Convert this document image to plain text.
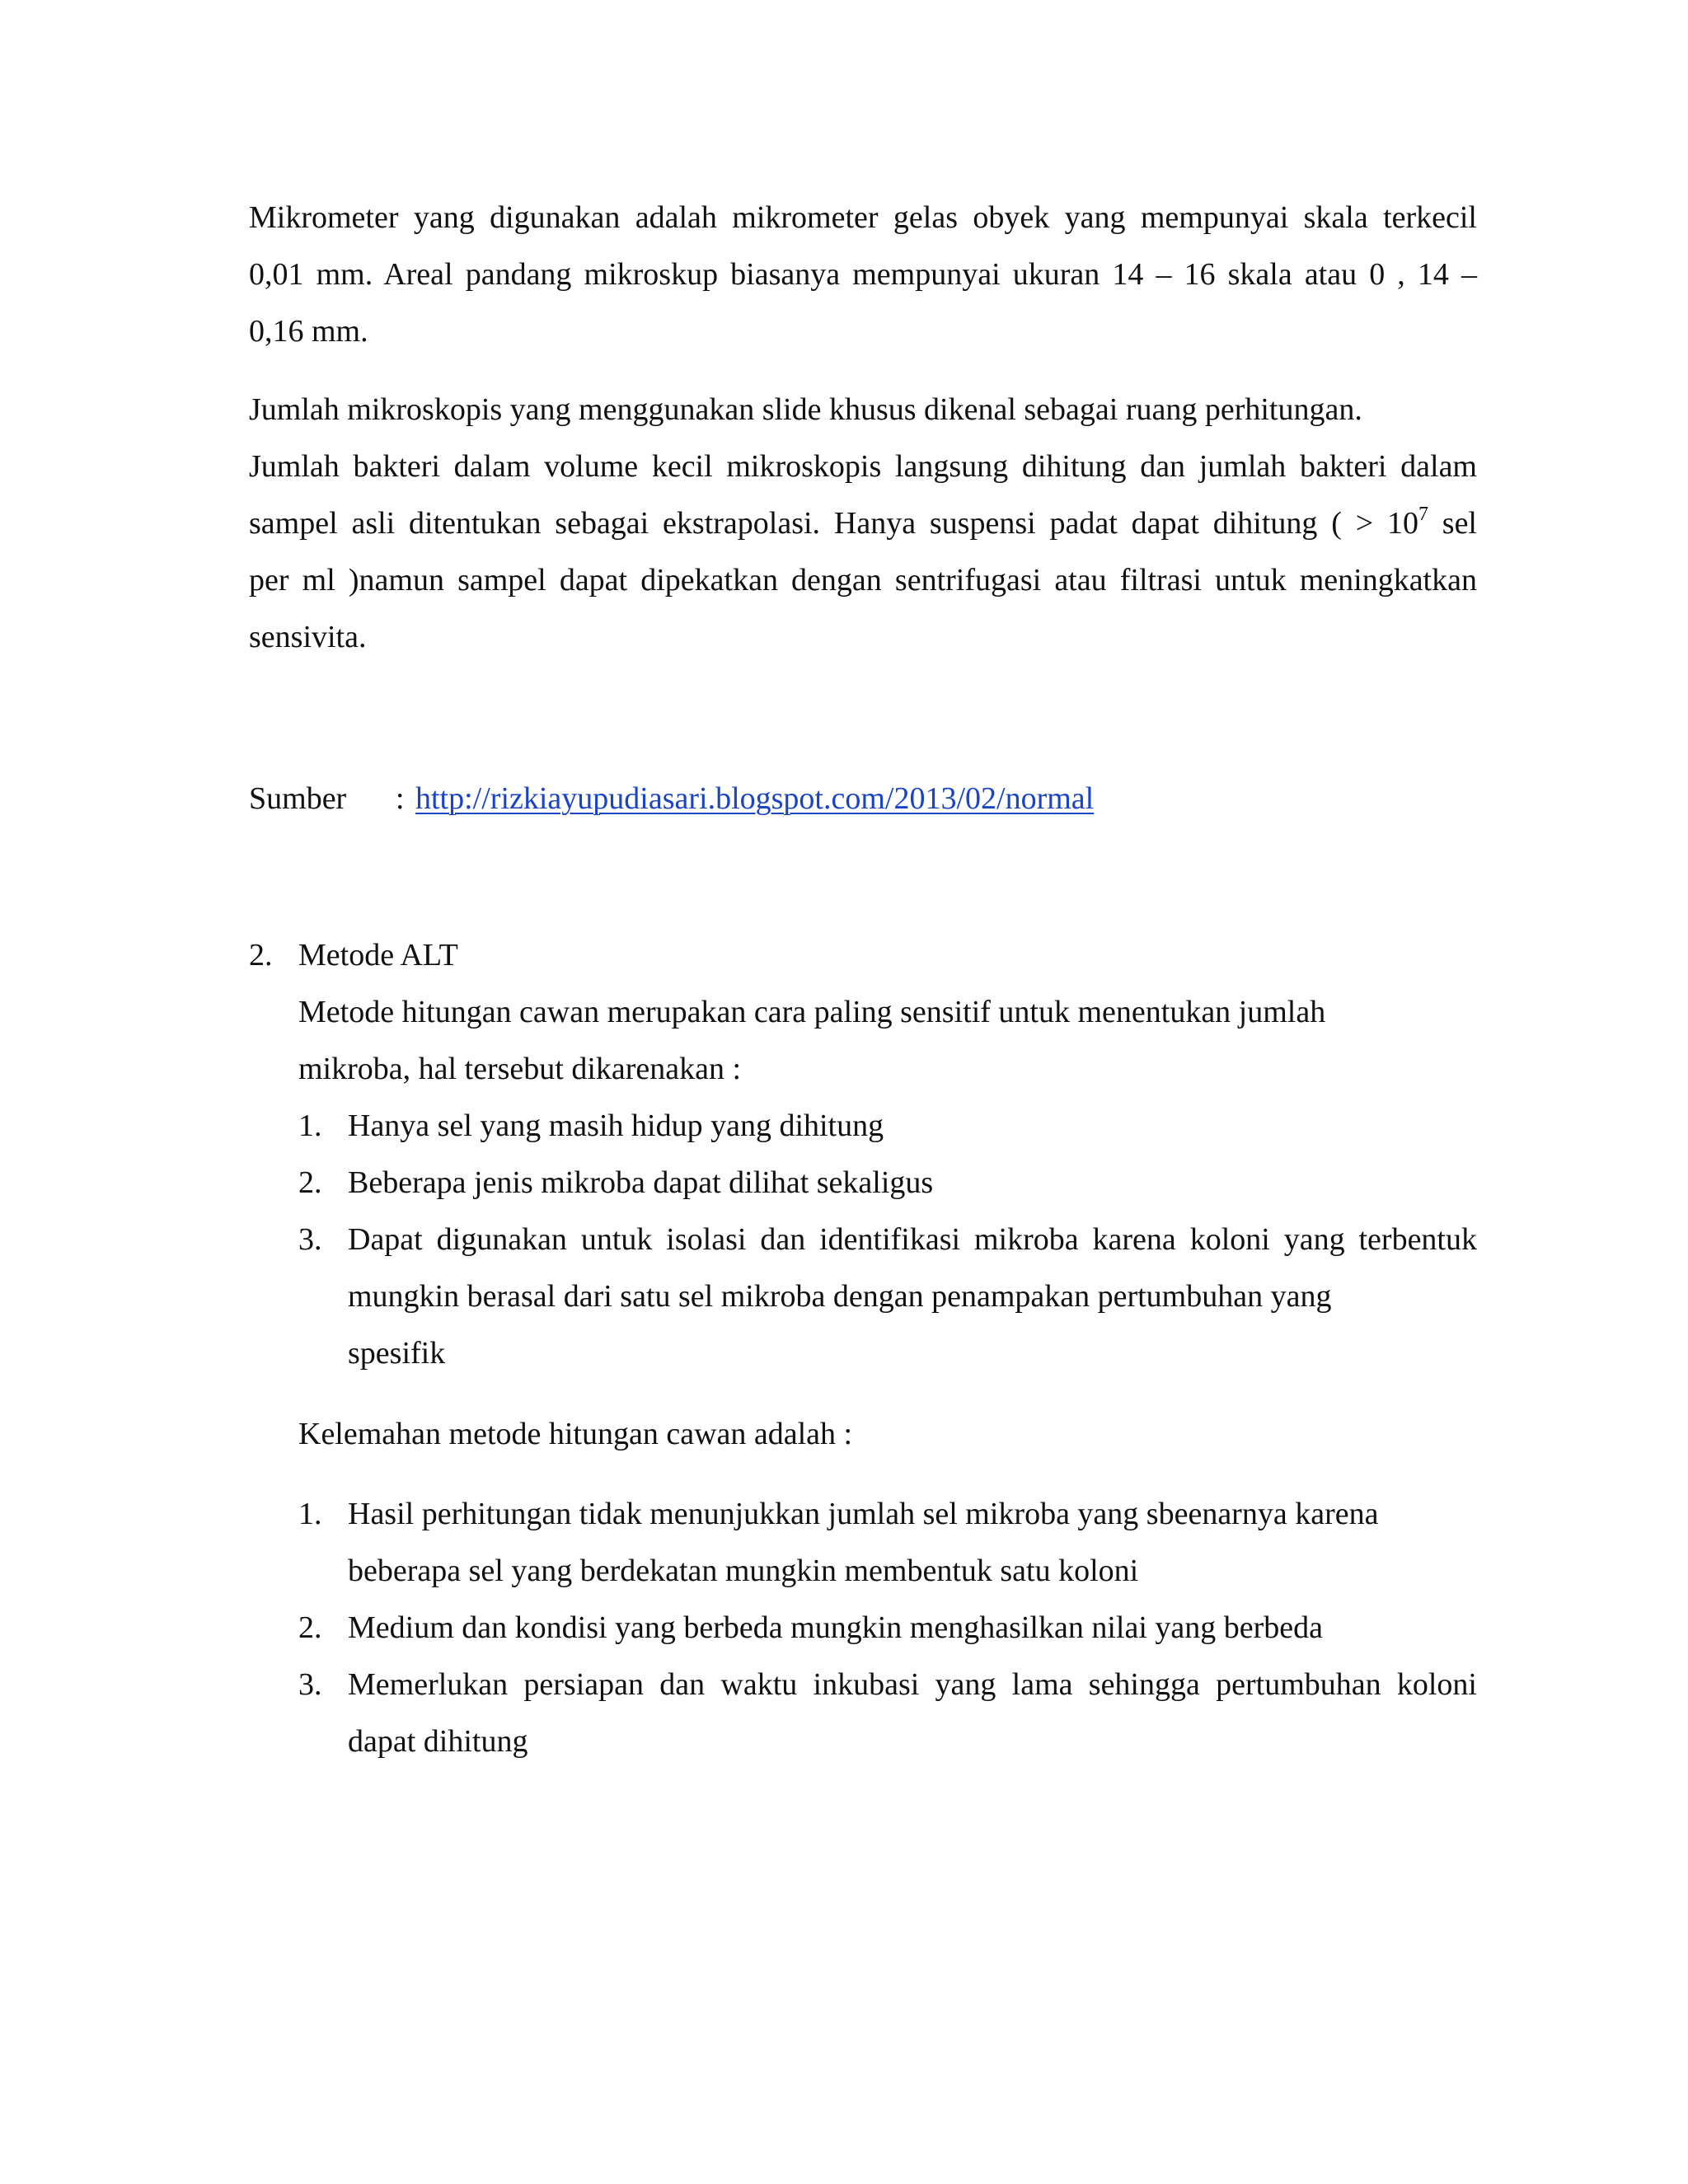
Mikrometer yang digunakan adalah mikrometer gelas obyek yang mempunyai skala terkecil
0,01 mm. Areal pandang mikroskup biasanya mempunyai ukuran 14 – 16 skala atau 0 , 14 –
0,16 mm.
Jumlah mikroskopis yang menggunakan slide khusus dikenal sebagai ruang perhitungan.
Jumlah bakteri dalam volume kecil mikroskopis langsung dihitung dan jumlah bakteri dalam
sampel asli ditentukan sebagai ekstrapolasi. Hanya suspensi padat dapat dihitung ( > $10^7$ sel
per ml )namun sampel dapat dipekatkan dengan sentrifugasi atau filtrasi untuk meningkatkan
sensivita.
Sumber : http://rizkiayupudiasari.blogspot.com/2013/02/normal
2. Metode ALT
Metode hitungan cawan merupakan cara paling sensitif untuk menentukan jumlah
mikroba, hal tersebut dikarenakan :
1. Hanya sel yang masih hidup yang dihitung
2. Beberapa jenis mikroba dapat dilihat sekaligus
3. Dapat digunakan untuk isolasi dan identifikasi mikroba karena koloni yang terbentuk
mungkin berasal dari satu sel mikroba dengan penampakan pertumbuhan yang
spesifik
Kelemahan metode hitungan cawan adalah :
1. Hasil perhitungan tidak menunjukkan jumlah sel mikroba yang sbeenarnya karena
beberapa sel yang berdekatan mungkin membentuk satu koloni
2. Medium dan kondisi yang berbeda mungkin menghasilkan nilai yang berbeda
3. Memerlukan persiapan dan waktu inkubasi yang lama sehingga pertumbuhan koloni
dapat dihitung
